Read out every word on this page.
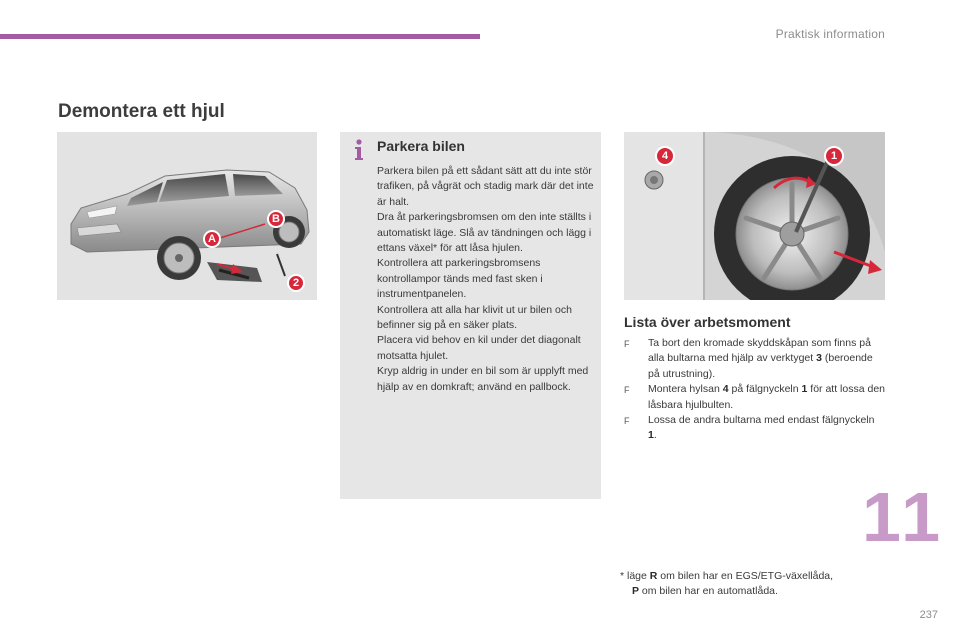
Praktisk information
Demontera ett hjul
A
B
2
Parkera bilen

Parkera bilen på ett sådant sätt att du inte stör trafiken, på vågrät och stadig mark där det inte är halt.

Dra åt parkeringsbromsen om den inte ställts i automatiskt läge. Slå av tändningen och lägg i ettans växel* för att låsa hjulen.

Kontrollera att parkeringsbromsens kontrollampor tänds med fast sken i instrumentpanelen.

Kontrollera att alla har klivit ut ur bilen och befinner sig på en säker plats.

Placera vid behov en kil under det diagonalt motsatta hjulet.

Kryp aldrig in under en bil som är upplyft med hjälp av en domkraft; använd en pallbock.

4	1
Lista över arbetsmoment
F Ta bort den kromade skyddskåpan som finns på alla bultarna med hjälp av verktyget 3 (beroende på utrustning).
F Montera hylsan 4 på fälgnyckeln 1 för att lossa den låsbara hjulbulten.
F Lossa de andra bultarna med endast fälgnyckeln 1.
* läge R om bilen har en EGS/ETG-växellåda,
P om bilen har en automatlåda.
11
237
